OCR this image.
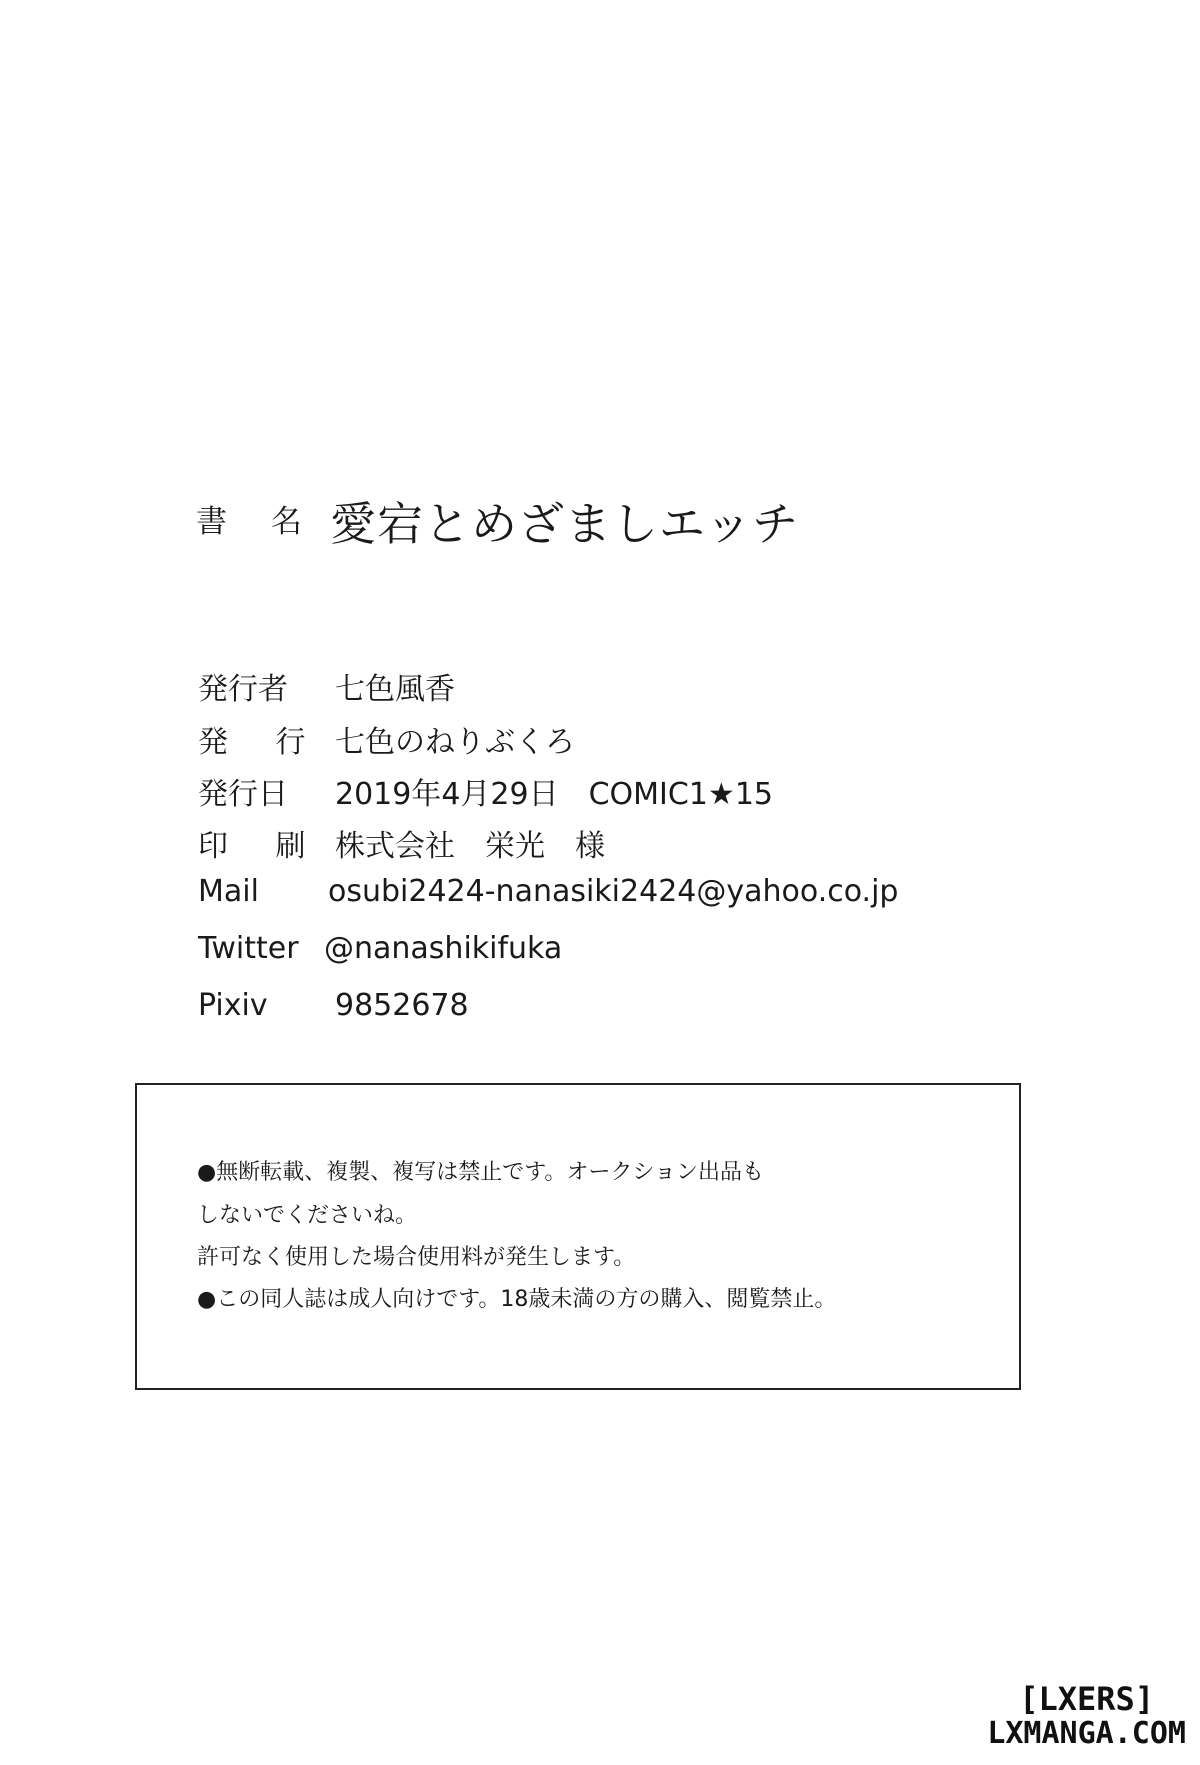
書 名 愛宕とめざましエッチ
発行者 七色風香
発 行 七色のねりぶくろ
発行日 2019年4月29日　COMIC1★15
印 刷 株式会社　栄光　様
Mail osubi2424-nanasiki2424@yahoo.co.jp
Twitter @nanashikifuka
Pixiv 9852678
●無断転載、複製、複写は禁止です。オークション出品も
しないでくださいね。
許可なく使用した場合使用料が発生します。
●この同人誌は成人向けです。18歳未満の方の購入、閲覧禁止。
[LXERS]
LXMANGA.COM
